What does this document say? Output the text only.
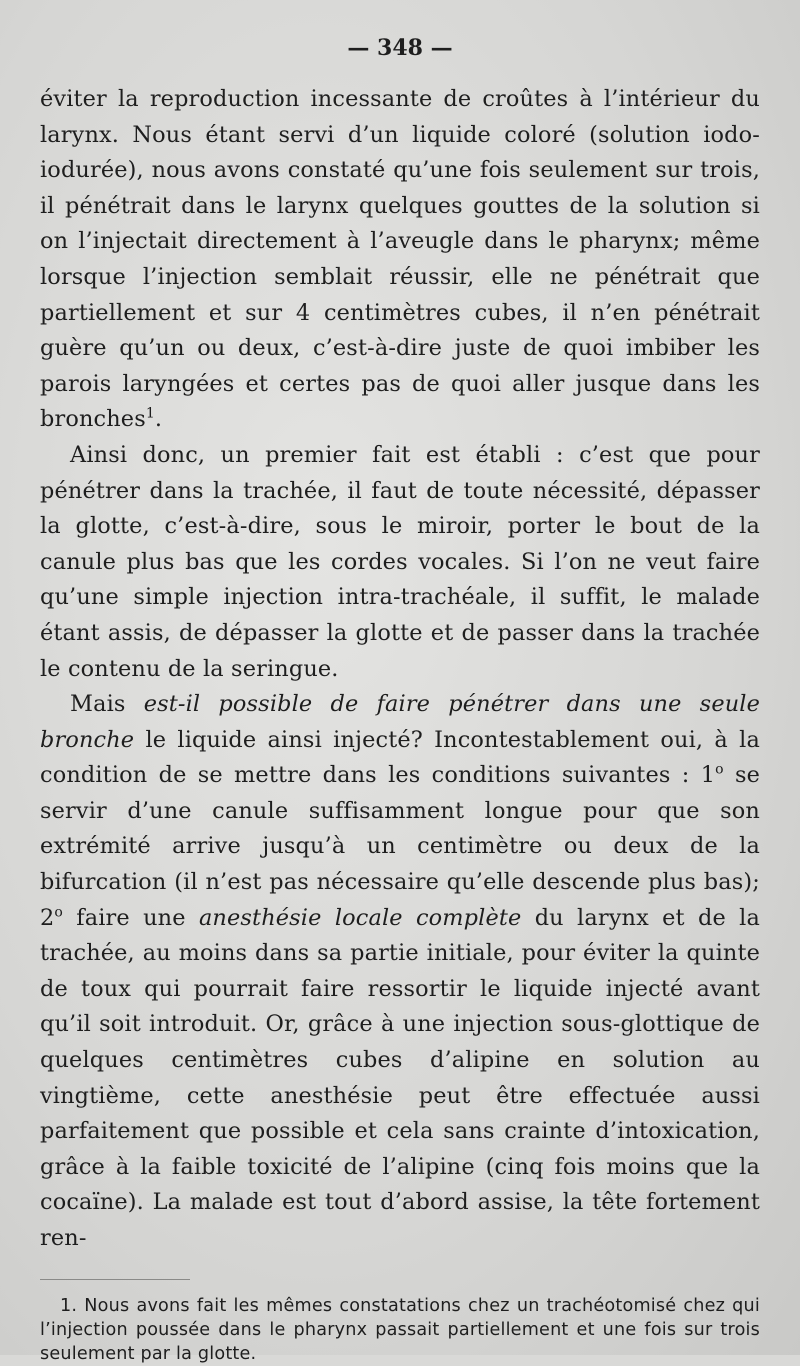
— 348 —

éviter la reproduction incessante de croûtes à l’intérieur du larynx. Nous étant servi d’un liquide coloré (solution iodo-iodurée), nous avons constaté qu’une fois seulement sur trois, il pénétrait dans le larynx quelques gouttes de la solution si on l’injectait directement à l’aveugle dans le pharynx; même lorsque l’injection semblait réussir, elle ne pénétrait que partiellement et sur 4 centimètres cubes, il n’en pénétrait guère qu’un ou deux, c’est-à-dire juste de quoi imbiber les parois laryngées et certes pas de quoi aller jusque dans les bronches$^1$.

Ainsi donc, un premier fait est établi : c’est que pour pénétrer dans la trachée, il faut de toute nécessité, dépasser la glotte, c’est-à-dire, sous le miroir, porter le bout de la canule plus bas que les cordes vocales. Si l’on ne veut faire qu’une simple injection intra-trachéale, il suffit, le malade étant assis, de dépasser la glotte et de passer dans la trachée le contenu de la seringue.

Mais est-il possible de faire pénétrer dans une seule bronche le liquide ainsi injecté? Incontestablement oui, à la condition de se mettre dans les conditions suivantes : 1$^o$ se servir d’une canule suffisamment longue pour que son extrémité arrive jusqu’à un centimètre ou deux de la bifurcation (il n’est pas nécessaire qu’elle descende plus bas); 2$^o$ faire une anesthésie locale complète du larynx et de la trachée, au moins dans sa partie initiale, pour éviter la quinte de toux qui pourrait faire ressortir le liquide injecté avant qu’il soit introduit. Or, grâce à une injection sous-glottique de quelques centimètres cubes d’alipine en solution au vingtième, cette anesthésie peut être effectuée aussi parfaitement que possible et cela sans crainte d’intoxication, grâce à la faible toxicité de l’alipine (cinq fois moins que la cocaïne). La malade est tout d’abord assise, la tête fortement ren-

1. Nous avons fait les mêmes constatations chez un trachéotomisé chez qui l’injection poussée dans le pharynx passait partiellement et une fois sur trois seulement par la glotte.
